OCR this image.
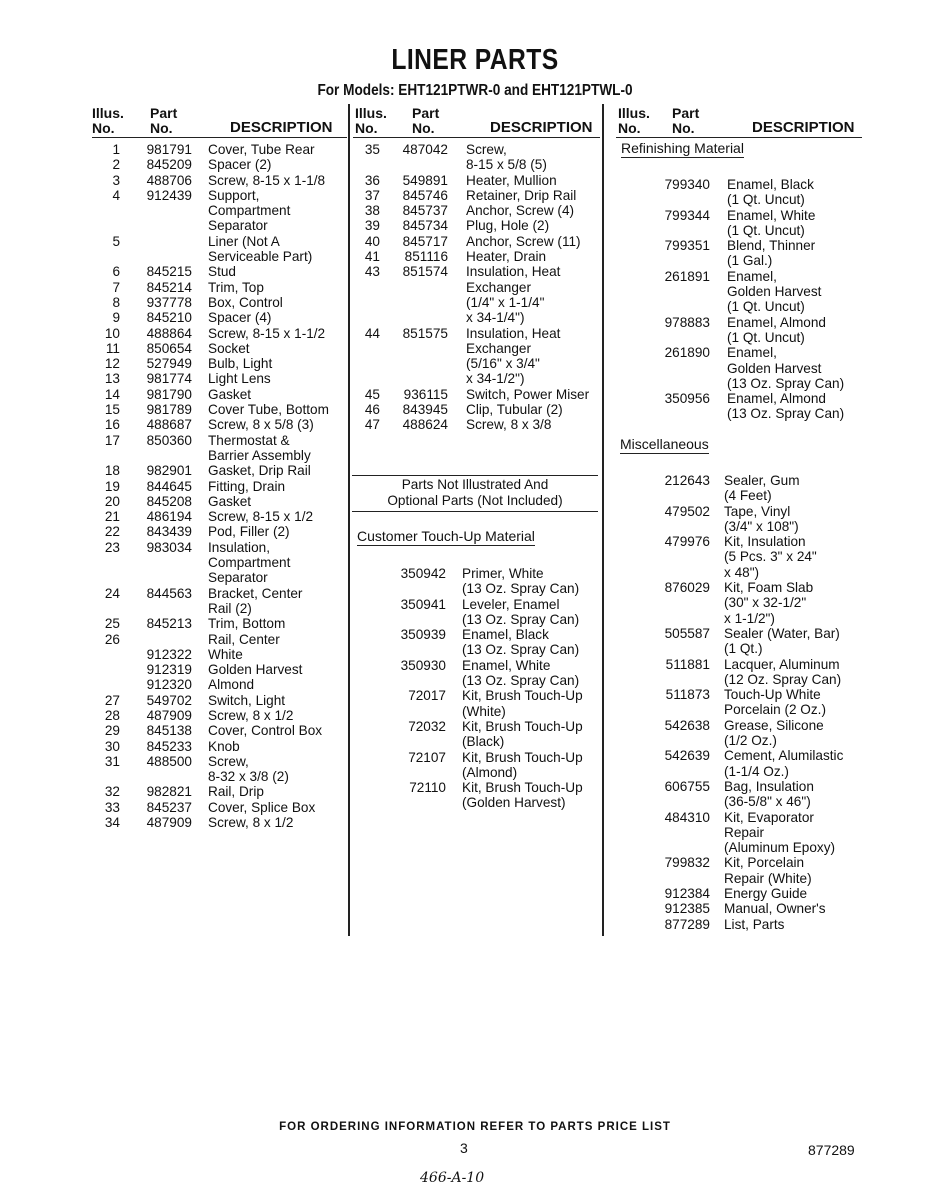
LINER PARTS
For Models: EHT121PTWR-0 and EHT121PTWL-0
Illus.
No.
Part
No.	DESCRIPTION
Illus.
No.
Part
No.	DESCRIPTION
Illus.
No.
Part
No.	DESCRIPTION
Parts Not Illustrated And
Optional Parts (Not Included)
Customer Touch-Up Material
Refinishing Material
Miscellaneous
1	981791 Cover, Tube Rear
2	845209 Spacer (2)
3	488706 Screw, 8-15 x 1-1/8
4	912439 Support,
Compartment
Separator
5	Liner (Not A
Serviceable Part)
6	845215 Stud
7	845214 Trim, Top
8	937778 Box, Control
9	845210 Spacer (4)
10	488864 Screw, 8-15 x 1-1/2
11	850654 Socket
12	527949 Bulb, Light
13	981774 Light Lens
14	981790 Gasket
15	981789 Cover Tube, Bottom
16	488687 Screw, 8 x 5/8 (3)
17	850360 Thermostat &
Barrier Assembly
18	982901 Gasket, Drip Rail
19	844645 Fitting, Drain
20	845208 Gasket
21	486194 Screw, 8-15 x 1/2
22	843439 Pod, Filler (2)
23	983034 Insulation,
Compartment
Separator
24	844563 Bracket, Center
Rail (2)
25	845213 Trim, Bottom
26	Rail, Center
912322 White
912319 Golden Harvest
912320 Almond
27	549702 Switch, Light
28	487909 Screw, 8 x 1/2
29	845138 Cover, Control Box
30	845233 Knob
31	488500 Screw,
8-32 x 3/8 (2)
32	982821 Rail, Drip
33	845237 Cover, Splice Box
34	487909 Screw, 8 x 1/2
35	487042 Screw,
8-15 x 5/8 (5)
36	549891 Heater, Mullion
37	845746 Retainer, Drip Rail
38	845737 Anchor, Screw (4)
39	845734 Plug, Hole (2)
40	845717 Anchor, Screw (11)
41	851116 Heater, Drain
43	851574 Insulation, Heat
Exchanger
(1/4" x 1-1/4"
x 34-1/4")
44	851575 Insulation, Heat
Exchanger
(5/16" x 3/4"
x 34-1/2")
45	936115 Switch, Power Miser
46	843945 Clip, Tubular (2)
47	488624 Screw, 8 x 3/8
350942 Primer, White
(13 Oz. Spray Can)
350941 Leveler, Enamel
(13 Oz. Spray Can)
350939 Enamel, Black
(13 Oz. Spray Can)
350930 Enamel, White
(13 Oz. Spray Can)
72017 Kit, Brush Touch-Up
(White)
72032 Kit, Brush Touch-Up
(Black)
72107 Kit, Brush Touch-Up
(Almond)
72110 Kit, Brush Touch-Up
(Golden Harvest)
799340 Enamel, Black
(1 Qt. Uncut)
799344 Enamel, White
(1 Qt. Uncut)
799351 Blend, Thinner
(1 Gal.)
261891 Enamel,
Golden Harvest
(1 Qt. Uncut)
978883 Enamel, Almond
(1 Qt. Uncut)
261890 Enamel,
Golden Harvest
(13 Oz. Spray Can)
350956 Enamel, Almond
(13 Oz. Spray Can)
212643 Sealer, Gum
(4 Feet)
479502 Tape, Vinyl
(3/4" x 108")
479976 Kit, Insulation
(5 Pcs. 3" x 24"
x 48")
876029 Kit, Foam Slab
(30" x 32-1/2"
x 1-1/2")
505587 Sealer (Water, Bar)
(1 Qt.)
511881 Lacquer, Aluminum
(12 Oz. Spray Can)
511873 Touch-Up White
Porcelain (2 Oz.)
542638 Grease, Silicone
(1/2 Oz.)
542639 Cement, Alumilastic
(1-1/4 Oz.)
606755 Bag, Insulation
(36-5/8" x 46")
484310 Kit, Evaporator
Repair
(Aluminum Epoxy)
799832 Kit, Porcelain
Repair (White)
912384 Energy Guide
912385 Manual, Owner's
877289 List, Parts
FOR ORDERING INFORMATION REFER TO PARTS PRICE LIST
3	877289
466-A-10
